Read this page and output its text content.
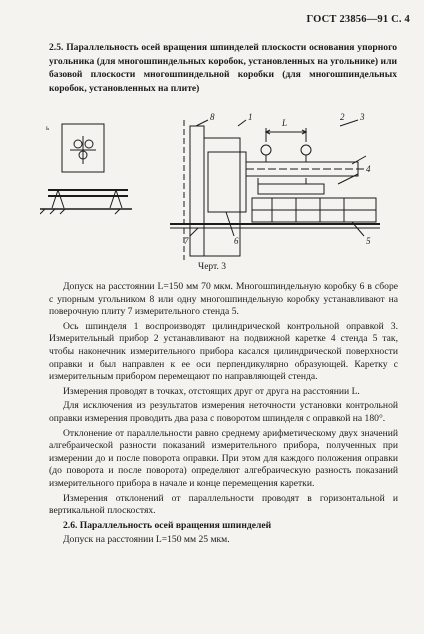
ГОСТ 23856—91 С. 4
2.5. Параллельность осей вращения шпинделей плоскости основания упорного угольника (для многошпиндельных коробок, установленных на угольнике) или базовой плоскости многошпиндельной коробки (для многошпиндельных коробок, установленных на плите)
ь
8	1
L
2 3
4
5
6
7
Черт. 3

Допуск на расстоянии L=150 мм 70 мкм. Многошпиндельную коробку 6 в сборе с упорным угольником 8 или одну многошпиндельную коробку устанавливают на поверочную плиту 7 измерительного стенда 5.

Ось шпинделя 1 воспроизводят цилиндрической контрольной оправкой 3. Измерительный прибор 2 устанавливают на подвижной каретке 4 стенда 5 так, чтобы наконечник измерительного прибора касался цилиндрической поверхности оправки и был направлен к ее оси перпендикулярно образующей. Каретку с измерительным прибором перемещают по направляющей стенда.

Измерения проводят в точках, отстоящих друг от друга на расстоянии L.

Для исключения из результатов измерения неточности установки контрольной оправки измерения проводить два раза с поворотом шпинделя с оправкой на 180°.

Отклонение от параллельности равно среднему арифметическому двух значений алгебраической разности показаний измерительного прибора, полученных при измерении до и после поворота оправки. При этом для каждого положения оправки (до поворота и после поворота) определяют алгебраическую разность показаний измерительного прибора в начале и конце перемещения каретки.

Измерения отклонений от параллельности проводят в горизонтальной и вертикальной плоскостях.

2.6. Параллельность осей вращения шпинделей

Допуск на расстоянии L=150 мм 25 мкм.
